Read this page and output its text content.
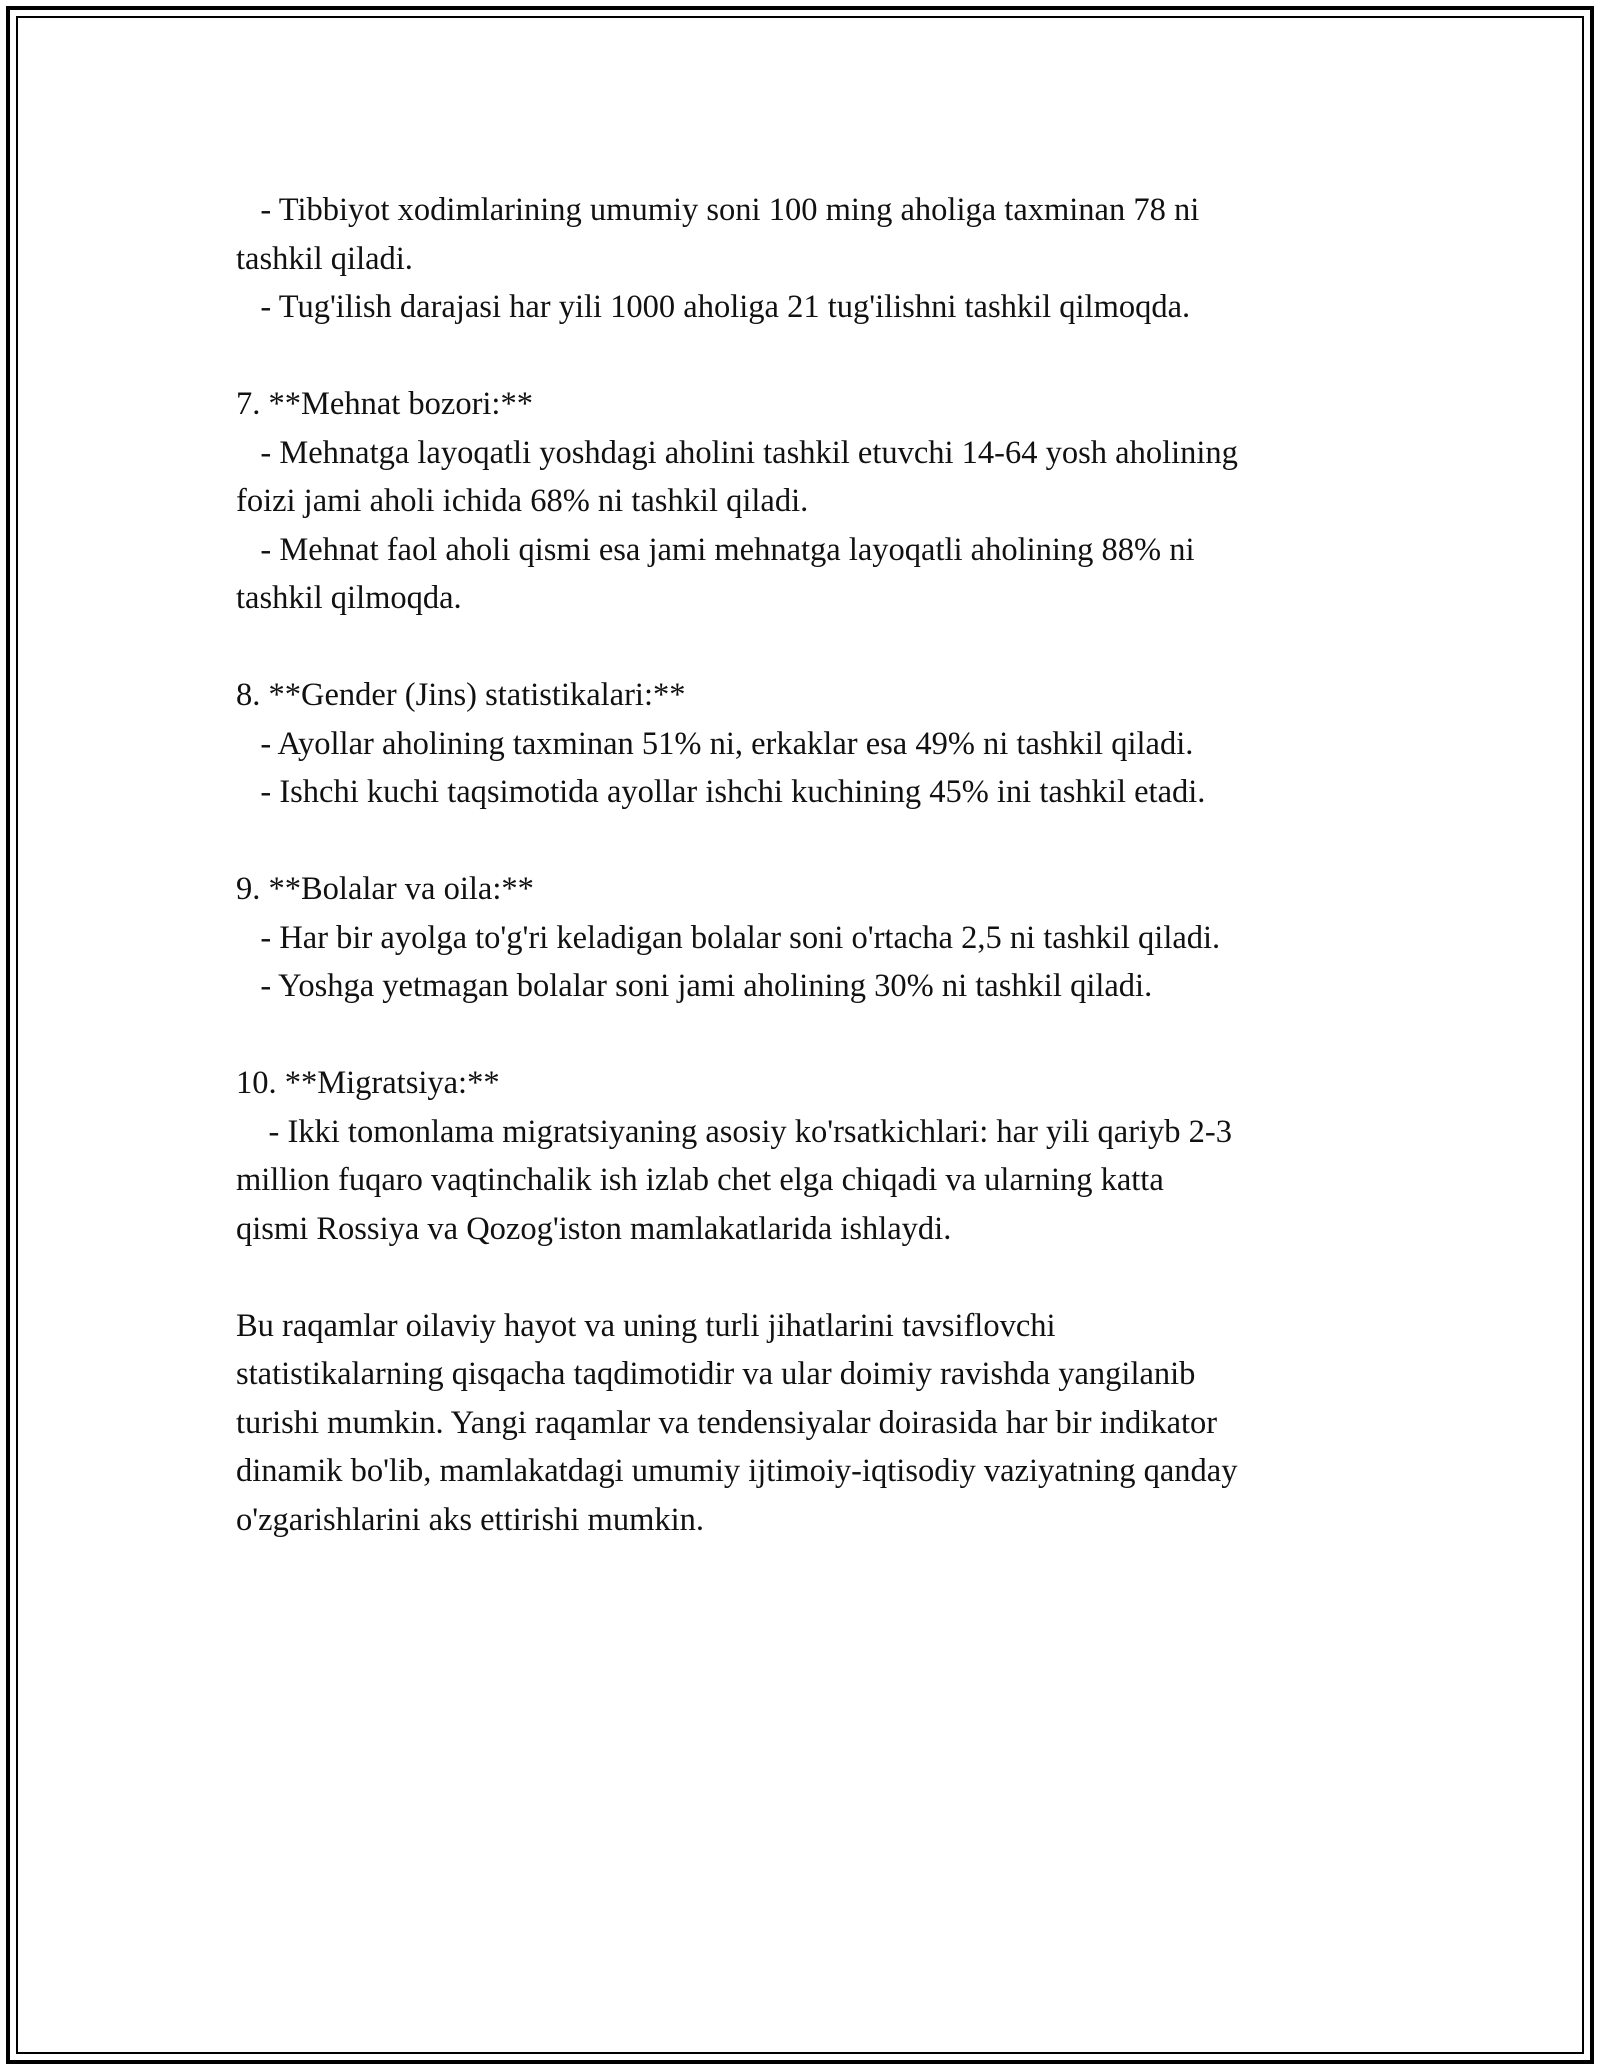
- Tibbiyot xodimlarining umumiy soni 100 ming aholiga taxminan 78 ni
tashkil qiladi.
- Tug'ilish darajasi har yili 1000 aholiga 21 tug'ilishni tashkil qilmoqda.
7. **Mehnat bozori:**
- Mehnatga layoqatli yoshdagi aholini tashkil etuvchi 14-64 yosh aholining
foizi jami aholi ichida 68% ni tashkil qiladi.
- Mehnat faol aholi qismi esa jami mehnatga layoqatli aholining 88% ni
tashkil qilmoqda.
8. **Gender (Jins) statistikalari:**
- Ayollar aholining taxminan 51% ni, erkaklar esa 49% ni tashkil qiladi.
- Ishchi kuchi taqsimotida ayollar ishchi kuchining 45% ini tashkil etadi.
9. **Bolalar va oila:**
- Har bir ayolga to'g'ri keladigan bolalar soni o'rtacha 2,5 ni tashkil qiladi.
- Yoshga yetmagan bolalar soni jami aholining 30% ni tashkil qiladi.
10. **Migratsiya:**
- Ikki tomonlama migratsiyaning asosiy ko'rsatkichlari: har yili qariyb 2-3
million fuqaro vaqtinchalik ish izlab chet elga chiqadi va ularning katta
qismi Rossiya va Qozog'iston mamlakatlarida ishlaydi.
Bu raqamlar oilaviy hayot va uning turli jihatlarini tavsiflovchi
statistikalarning qisqacha taqdimotidir va ular doimiy ravishda yangilanib
turishi mumkin. Yangi raqamlar va tendensiyalar doirasida har bir indikator
dinamik bo'lib, mamlakatdagi umumiy ijtimoiy-iqtisodiy vaziyatning qanday
o'zgarishlarini aks ettirishi mumkin.
